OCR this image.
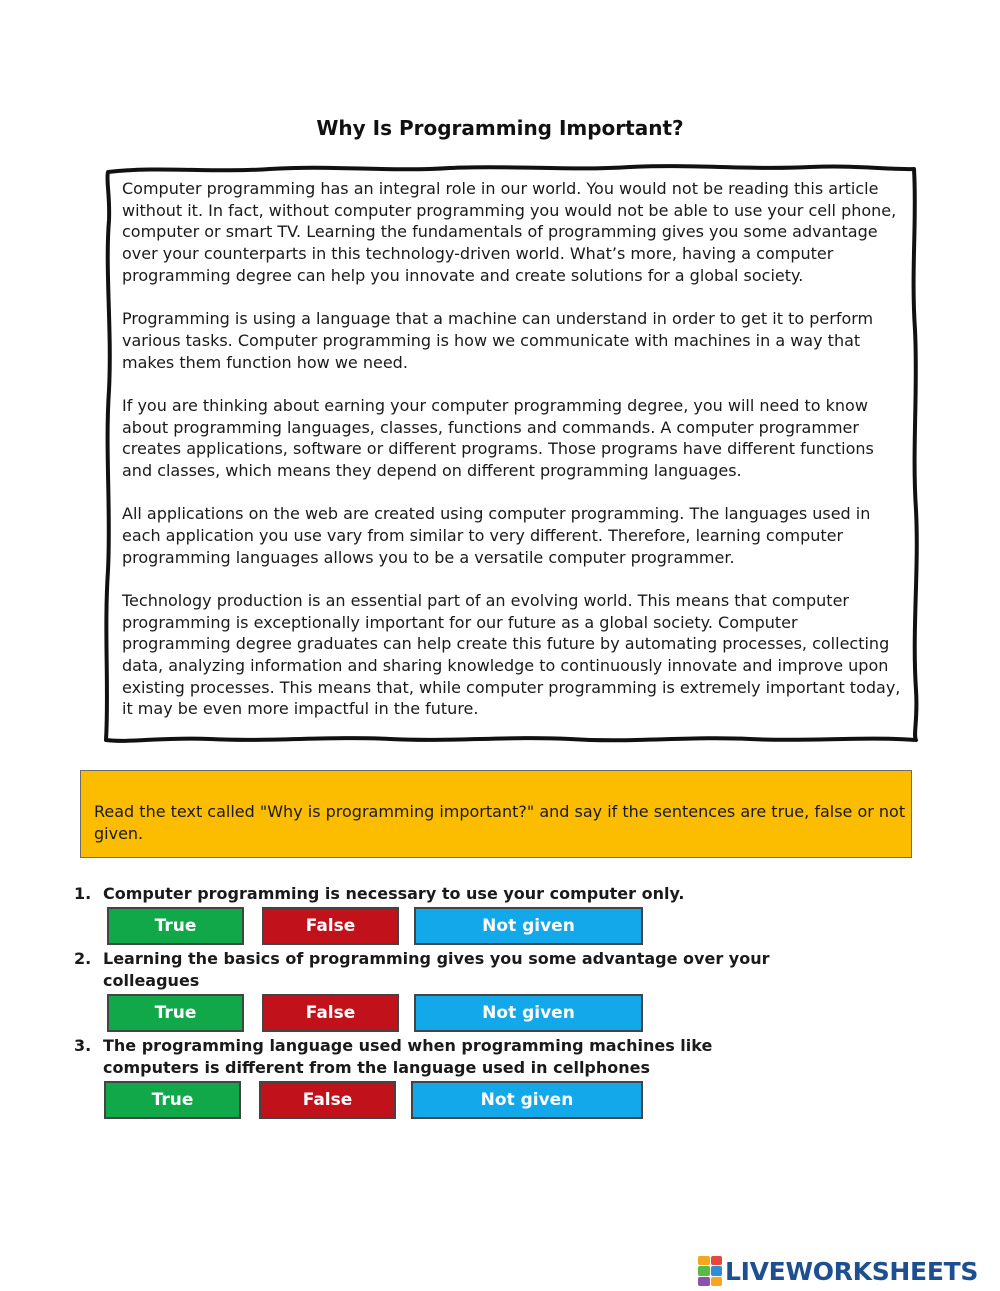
Why Is Programming Important?

Computer programming has an integral role in our world. You would not be reading this article without it. In fact, without computer programming you would not be able to use your cell phone, computer or smart TV. Learning the fundamentals of programming gives you some advantage over your counterparts in this technology-driven world. What’s more, having a computer programming degree can help you innovate and create solutions for a global society.

Programming is using a language that a machine can understand in order to get it to perform various tasks. Computer programming is how we communicate with machines in a way that makes them function how we need.

If you are thinking about earning your computer programming degree, you will need to know about programming languages, classes, functions and commands. A computer programmer creates applications, software or different programs. Those programs have different functions and classes, which means they depend on different programming languages.

All applications on the web are created using computer programming. The languages used in each application you use vary from similar to very different. Therefore, learning computer programming languages allows you to be a versatile computer programmer.

Technology production is an essential part of an evolving world. This means that computer programming is exceptionally important for our future as a global society. Computer programming degree graduates can help create this future by automating processes, collecting data, analyzing information and sharing knowledge to continuously innovate and improve upon existing processes. This means that, while computer programming is extremely important today, it may be even more impactful in the future.

Read the text called "Why is programming important?" and say if the sentences are true, false or not given.
1. Computer programming is necessary to use your computer only.
True	False	Not given
2. Learning the basics of programming gives you some advantage over your colleagues
True	False	Not given
3. The programming language used when programming machines like computers is different from the language used in cellphones
True	False	Not given
LIVEWORKSHEETS
